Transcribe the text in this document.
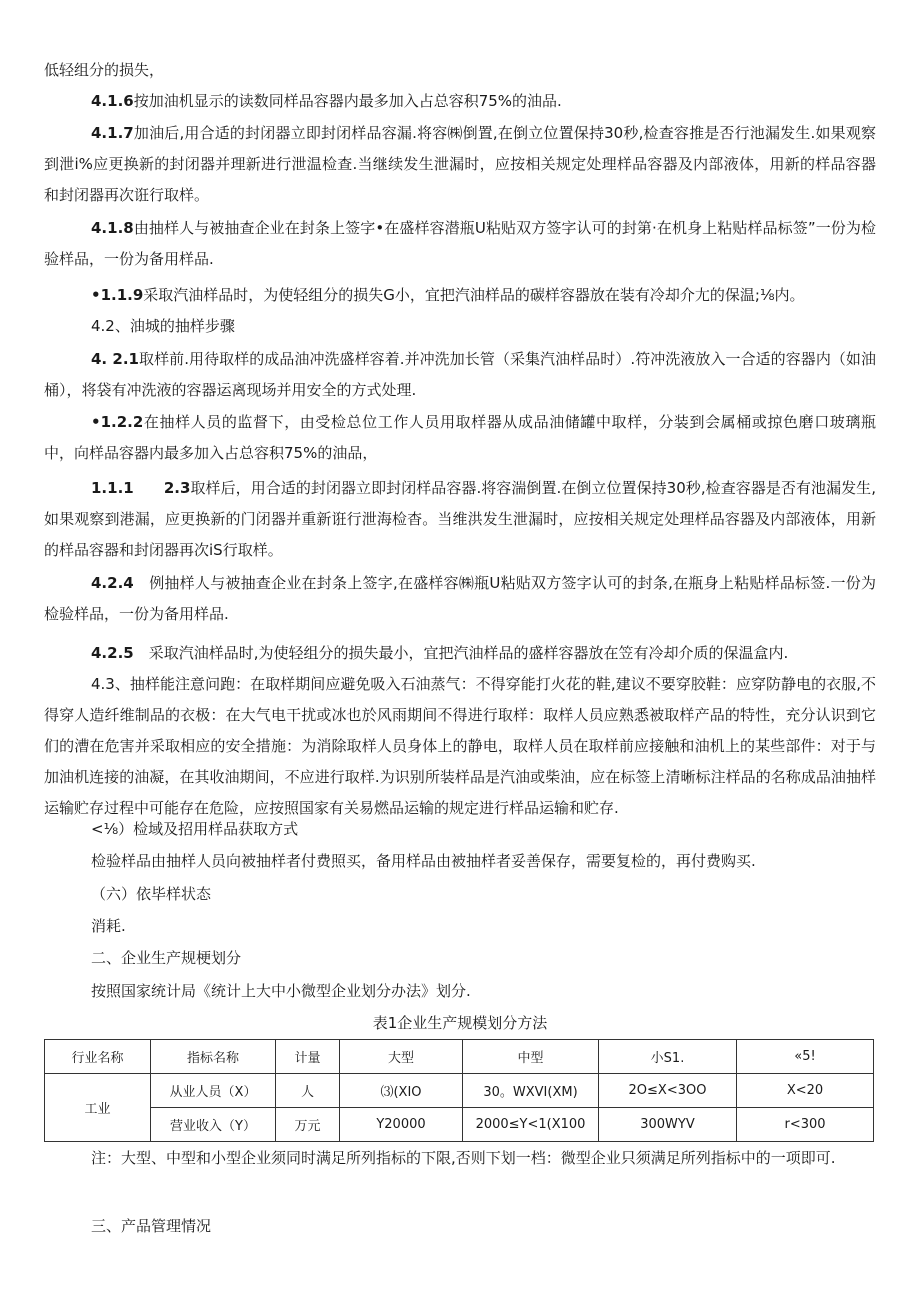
低轻组分的损失，

4.1.6按加油机显示的读数同样品容器内最多加入占总容积75%的油品.

4.1.7加油后,用合适的封闭器立即封闭样品容漏.将容㈱倒置,在倒立位置保持30秒,检查容推是否行池漏发生.如果观察到泄i%应更换新的封闭器并理新进行泄温检查.当继续发生泄漏时，应按相关规定处理样品容器及内部液体，用新的样品容器和封闭器再次诳行取样。

4.1.8由抽样人与被抽查企业在封条上签字•在盛样容潜瓶U粘贴双方签字认可的封第·在机身上粘贴样品标签”一份为检验样品，一份为备用样品.

•1.1.9采取汽油样品时，为使轻组分的损失G小，宜把汽油样品的碳样容器放在装有冷却介尢的保温;⅛内。

4.2、油城的抽样步骤

4. 2.1取样前.用待取样的成品油冲洗盛样容着.并冲洗加长管（采集汽油样品时）.符冲洗液放入一合适的容器内（如油桶），将袋有冲洗液的容器运离现场并用安全的方式处理.

•1.2.2在抽样人员的监督下，由受检总位工作人员用取样器从成品油储罐中取样，分装到会属桶或掠色磨口玻璃瓶中，向样品容器内最多加入占总容积75%的油品，

1.1.1　　2.3取样后，用合适的封闭器立即封闭样品容器.将容湍倒置.在倒立位置保持30秒,检查容器是否有池漏发生,如果观察到港漏，应更换新的门闭器并重新诳行泄海检杳。当维洪发生泄漏时，应按相关规定处理样品容器及内部液体，用新的样品容器和封闭器再次iS行取样。

4.2.4　例抽样人与被抽查企业在封条上签字,在盛样容㈱瓶U粘贴双方签字认可的封条,在瓶身上粘贴样品标签.一份为检验样品，一份为备用样品.

4.2.5　采取汽油样品时,为使轻组分的损失最小，宜把汽油样品的盛样容器放在笠有冷却介质的保温盒内.

4.3、抽样能注意问跑：在取样期间应避免吸入石油蒸气：不得穿能打火花的鞋,建议不要穿胶鞋：应穿防静电的衣服,不得穿人造纤维制品的衣极：在大气电干扰或冰也於风雨期间不得进行取样：取样人员应熟悉被取样产品的特性，充分认识到它们的漕在危害并采取相应的安全措施：为消除取样人员身体上的静电，取样人员在取样前应接触和油机上的某些部件：对于与加油机连接的油凝，在其收油期间，不应进行取样.为识别所装样品是汽油或柴油，应在标签上清晰标注样品的名称成品油抽样运输贮存过程中可能存在危险，应按照国家有关易燃品运输的规定进行样品运输和贮存.

<⅛）检域及招用样品获取方式

检验样品由抽样人员向被抽样者付费照买，备用样品由被抽样者妥善保存，需要复检的，再付费购买.

（六）依毕样状态

消耗.

二、企业生产规梗划分

按照国家统计局《统计上大中小微型企业划分办法》划分.

表1企业生产规模划分方法

行业名称	指标名称	计量	大型	中型	小S1.	«5!
工业	从业人员（X）	人	⑶(XIO	30。WXVI(XM)	2O≤X<3OO	X<20
	营业收入（Y）	万元	Y20000	2000≤Y<1(X100	300WYV	r<300

注：大型、中型和小型企业须同时满足所列指标的下限,否则下划一档：微型企业只须满足所列指标中的一项即可.

三、产品管理情况
